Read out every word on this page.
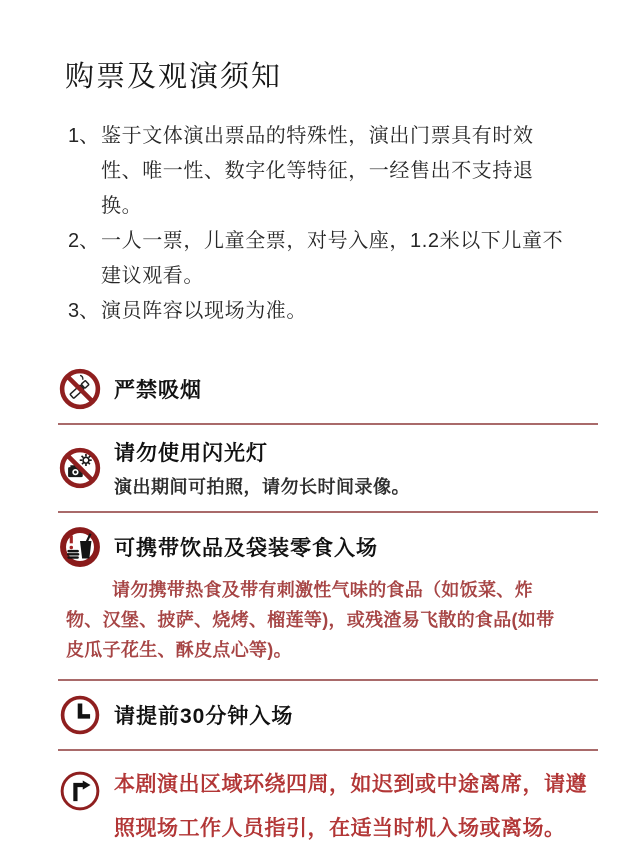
购票及观演须知
1、 鉴于文体演出票品的特殊性，演出门票具有时效性、唯一性、数字化等特征，一经售出不支持退换。
2、 一人一票，儿童全票，对号入座，1.2米以下儿童不建议观看。
3、 演员阵容以现场为准。
严禁吸烟
请勿使用闪光灯

演出期间可拍照，请勿长时间录像。

可携带饮品及袋装零食入场

请勿携带热食及带有刺激性气味的食品（如饭菜、炸物、汉堡、披萨、烧烤、榴莲等)，或残渣易飞散的食品(如带皮瓜子花生、酥皮点心等)。

请提前30分钟入场

本剧演出区域环绕四周，如迟到或中途离席，请遵照现场工作人员指引，在适当时机入场或离场。
